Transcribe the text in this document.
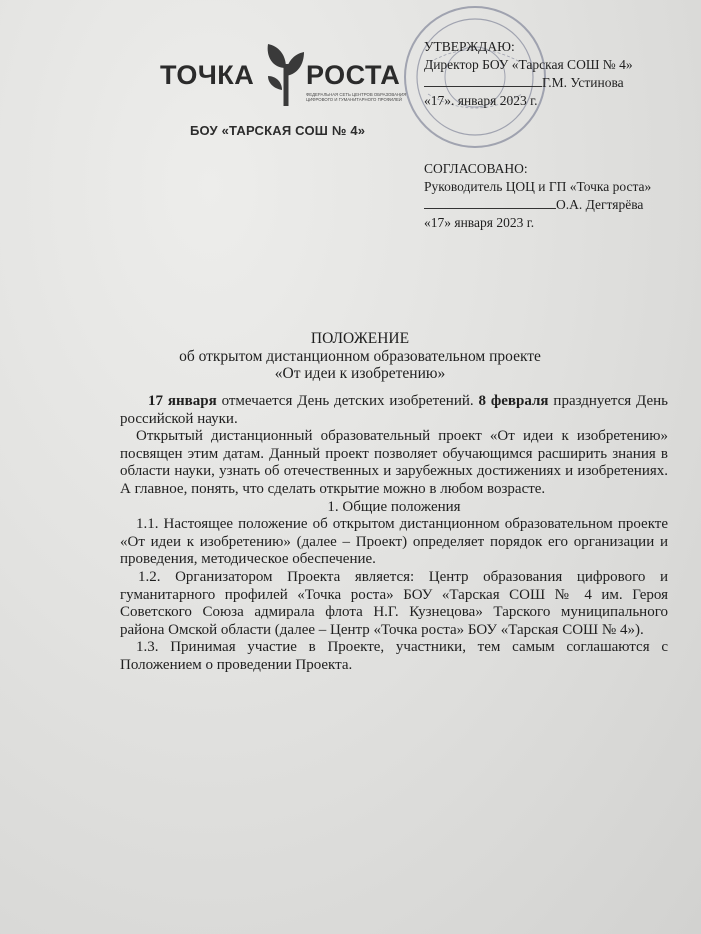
ТОЧКА РОСТА
ФЕДЕРАЛЬНАЯ СЕТЬ ЦЕНТРОВ ОБРАЗОВАНИЯ ЦИФРОВОГО И ГУМАНИТАРНОГО ПРОФИЛЕЙ
БОУ «ТАРСКАЯ СОШ № 4»
УТВЕРЖДАЮ:
Директор БОУ «Тарская СОШ № 4»
Г.М. Устинова
«17». января 2023 г.
СОГЛАСОВАНО:
Руководитель ЦОЦ и ГП «Точка роста»
О.А. Дегтярёва
«17» января 2023 г.
ПОЛОЖЕНИЕ
об открытом дистанционном образовательном проекте
«От идеи к изобретению»

17 января отмечается День детских изобретений. 8 февраля празднуется День российской науки.

Открытый дистанционный образовательный проект «От идеи к изобретению» посвящен этим датам. Данный проект позволяет обучающимся расширить знания в области науки, узнать об отечественных и зарубежных достижениях и изобретениях. А главное, понять, что сделать открытие можно в любом возрасте.

1. Общие положения

1.1. Настоящее положение об открытом дистанционном образовательном проекте «От идеи к изобретению» (далее – Проект) определяет порядок его организации и проведения, методическое обеспечение.

1.2. Организатором Проекта является: Центр образования цифрового и гуманитарного профилей «Точка роста» БОУ «Тарская СОШ № 4 им. Героя Советского Союза адмирала флота Н.Г. Кузнецова» Тарского муниципального района Омской области (далее – Центр «Точка роста» БОУ «Тарская СОШ № 4»).

1.3. Принимая участие в Проекте, участники, тем самым соглашаются с Положением о проведении Проекта.
